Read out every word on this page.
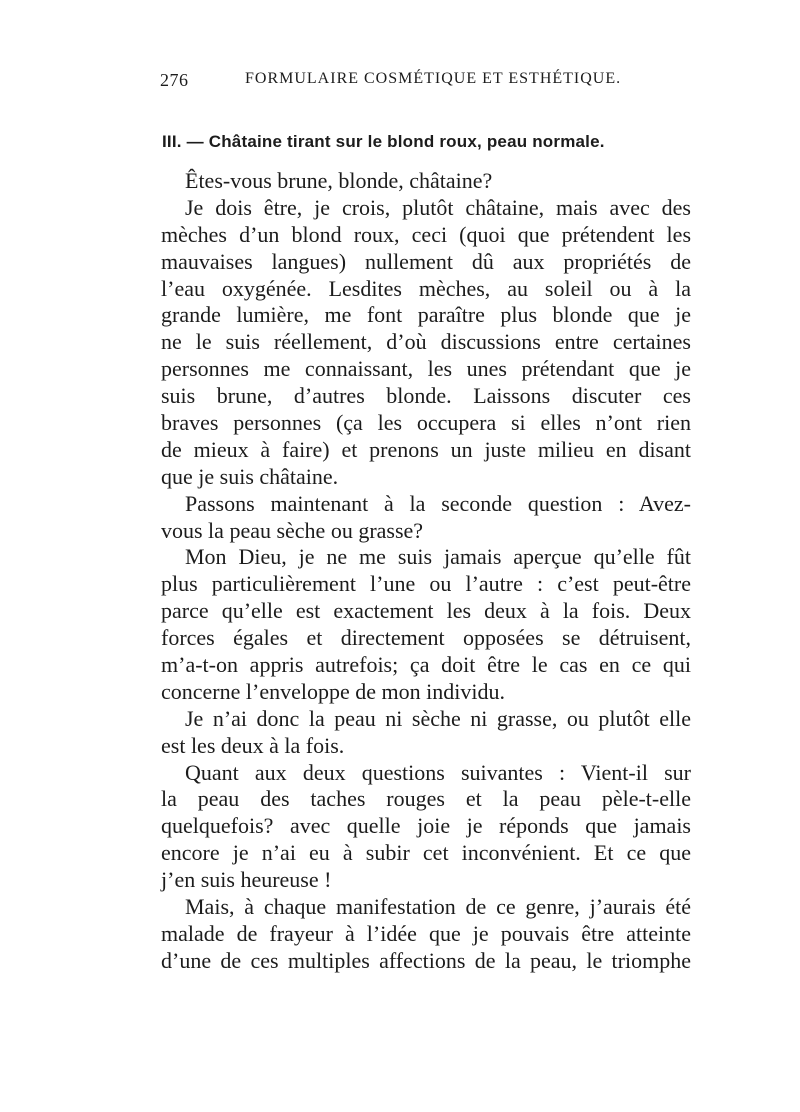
276	FORMULAIRE COSMÉTIQUE ET ESTHÉTIQUE.
III. — Châtaine tirant sur le blond roux, peau normale.
Êtes-vous brune, blonde, châtaine?
Je dois être, je crois, plutôt châtaine, mais avec des
mèches d’un blond roux, ceci (quoi que prétendent les
mauvaises langues) nullement dû aux propriétés de
l’eau oxygénée. Lesdites mèches, au soleil ou à la
grande lumière, me font paraître plus blonde que je
ne le suis réellement, d’où discussions entre certaines
personnes me connaissant, les unes prétendant que je
suis brune, d’autres blonde. Laissons discuter ces
braves personnes (ça les occupera si elles n’ont rien
de mieux à faire) et prenons un juste milieu en disant
que je suis châtaine.
Passons maintenant à la seconde question : Avez-
vous la peau sèche ou grasse?
Mon Dieu, je ne me suis jamais aperçue qu’elle fût
plus particulièrement l’une ou l’autre : c’est peut-être
parce qu’elle est exactement les deux à la fois. Deux
forces égales et directement opposées se détruisent,
m’a-t-on appris autrefois; ça doit être le cas en ce qui
concerne l’enveloppe de mon individu.
Je n’ai donc la peau ni sèche ni grasse, ou plutôt elle
est les deux à la fois.
Quant aux deux questions suivantes : Vient-il sur
la peau des taches rouges et la peau pèle-t-elle
quelquefois? avec quelle joie je réponds que jamais
encore je n’ai eu à subir cet inconvénient. Et ce que
j’en suis heureuse !
Mais, à chaque manifestation de ce genre, j’aurais été
malade de frayeur à l’idée que je pouvais être atteinte
d’une de ces multiples affections de la peau, le triomphe
